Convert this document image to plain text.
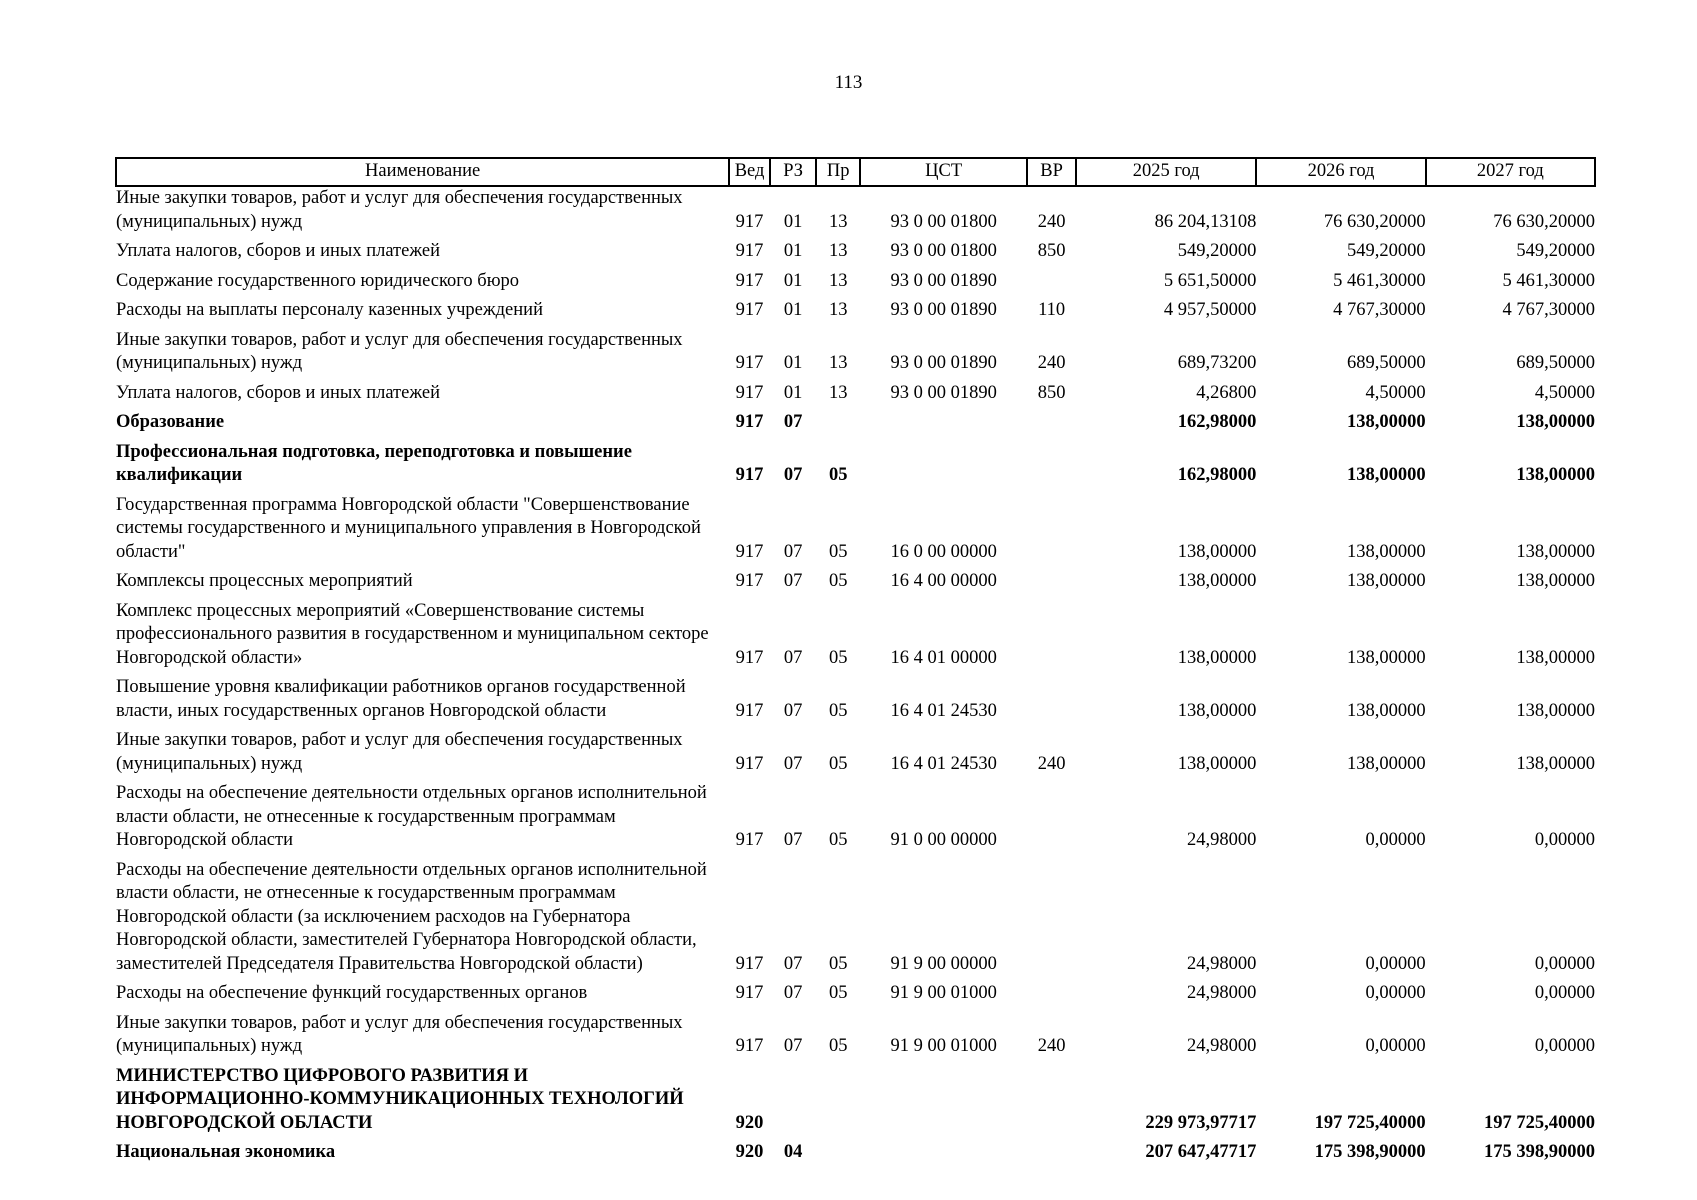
113
Наименование	Вед	РЗ	Пр	ЦСТ	ВР	2025 год	2026 год	2027 год
Иные закупки товаров, работ и услуг для обеспечения государственных (муниципальных) нужд	917	01	13	93 0 00 01800	240	86 204,13108	76 630,20000	76 630,20000
Уплата налогов, сборов и иных платежей	917	01	13	93 0 00 01800	850	549,20000	549,20000	549,20000
Содержание государственного юридического бюро	917	01	13	93 0 00 01890		5 651,50000	5 461,30000	5 461,30000
Расходы на выплаты персоналу казенных учреждений	917	01	13	93 0 00 01890	110	4 957,50000	4 767,30000	4 767,30000
Иные закупки товаров, работ и услуг для обеспечения государственных (муниципальных) нужд	917	01	13	93 0 00 01890	240	689,73200	689,50000	689,50000
Уплата налогов, сборов и иных платежей	917	01	13	93 0 00 01890	850	4,26800	4,50000	4,50000
Образование	917	07				162,98000	138,00000	138,00000
Профессиональная подготовка, переподготовка и повышение квалификации	917	07	05			162,98000	138,00000	138,00000
Государственная программа Новгородской области "Совершенствование системы государственного и муниципального управления в Новгородской области"	917	07	05	16 0 00 00000		138,00000	138,00000	138,00000
Комплексы процессных мероприятий	917	07	05	16 4 00 00000		138,00000	138,00000	138,00000
Комплекс процессных мероприятий «Совершенствование системы профессионального развития в государственном и муниципальном секторе Новгородской области»	917	07	05	16 4 01 00000		138,00000	138,00000	138,00000
Повышение уровня квалификации работников органов государственной власти, иных государственных органов Новгородской области	917	07	05	16 4 01 24530		138,00000	138,00000	138,00000
Иные закупки товаров, работ и услуг для обеспечения государственных (муниципальных) нужд	917	07	05	16 4 01 24530	240	138,00000	138,00000	138,00000
Расходы на обеспечение деятельности отдельных органов исполнительной власти области, не отнесенные к государственным программам Новгородской области	917	07	05	91 0 00 00000		24,98000	0,00000	0,00000
Расходы на обеспечение деятельности отдельных органов исполнительной власти области, не отнесенные к государственным программам Новгородской области (за исключением расходов на Губернатора Новгородской области, заместителей Губернатора Новгородской области, заместителей Председателя Правительства Новгородской области)	917	07	05	91 9 00 00000		24,98000	0,00000	0,00000
Расходы на обеспечение функций государственных органов	917	07	05	91 9 00 01000		24,98000	0,00000	0,00000
Иные закупки товаров, работ и услуг для обеспечения государственных (муниципальных) нужд	917	07	05	91 9 00 01000	240	24,98000	0,00000	0,00000
МИНИСТЕРСТВО ЦИФРОВОГО РАЗВИТИЯ И ИНФОРМАЦИОННО-КОММУНИКАЦИОННЫХ ТЕХНОЛОГИЙ НОВГОРОДСКОЙ ОБЛАСТИ	920					229 973,97717	197 725,40000	197 725,40000
Национальная экономика	920	04				207 647,47717	175 398,90000	175 398,90000
